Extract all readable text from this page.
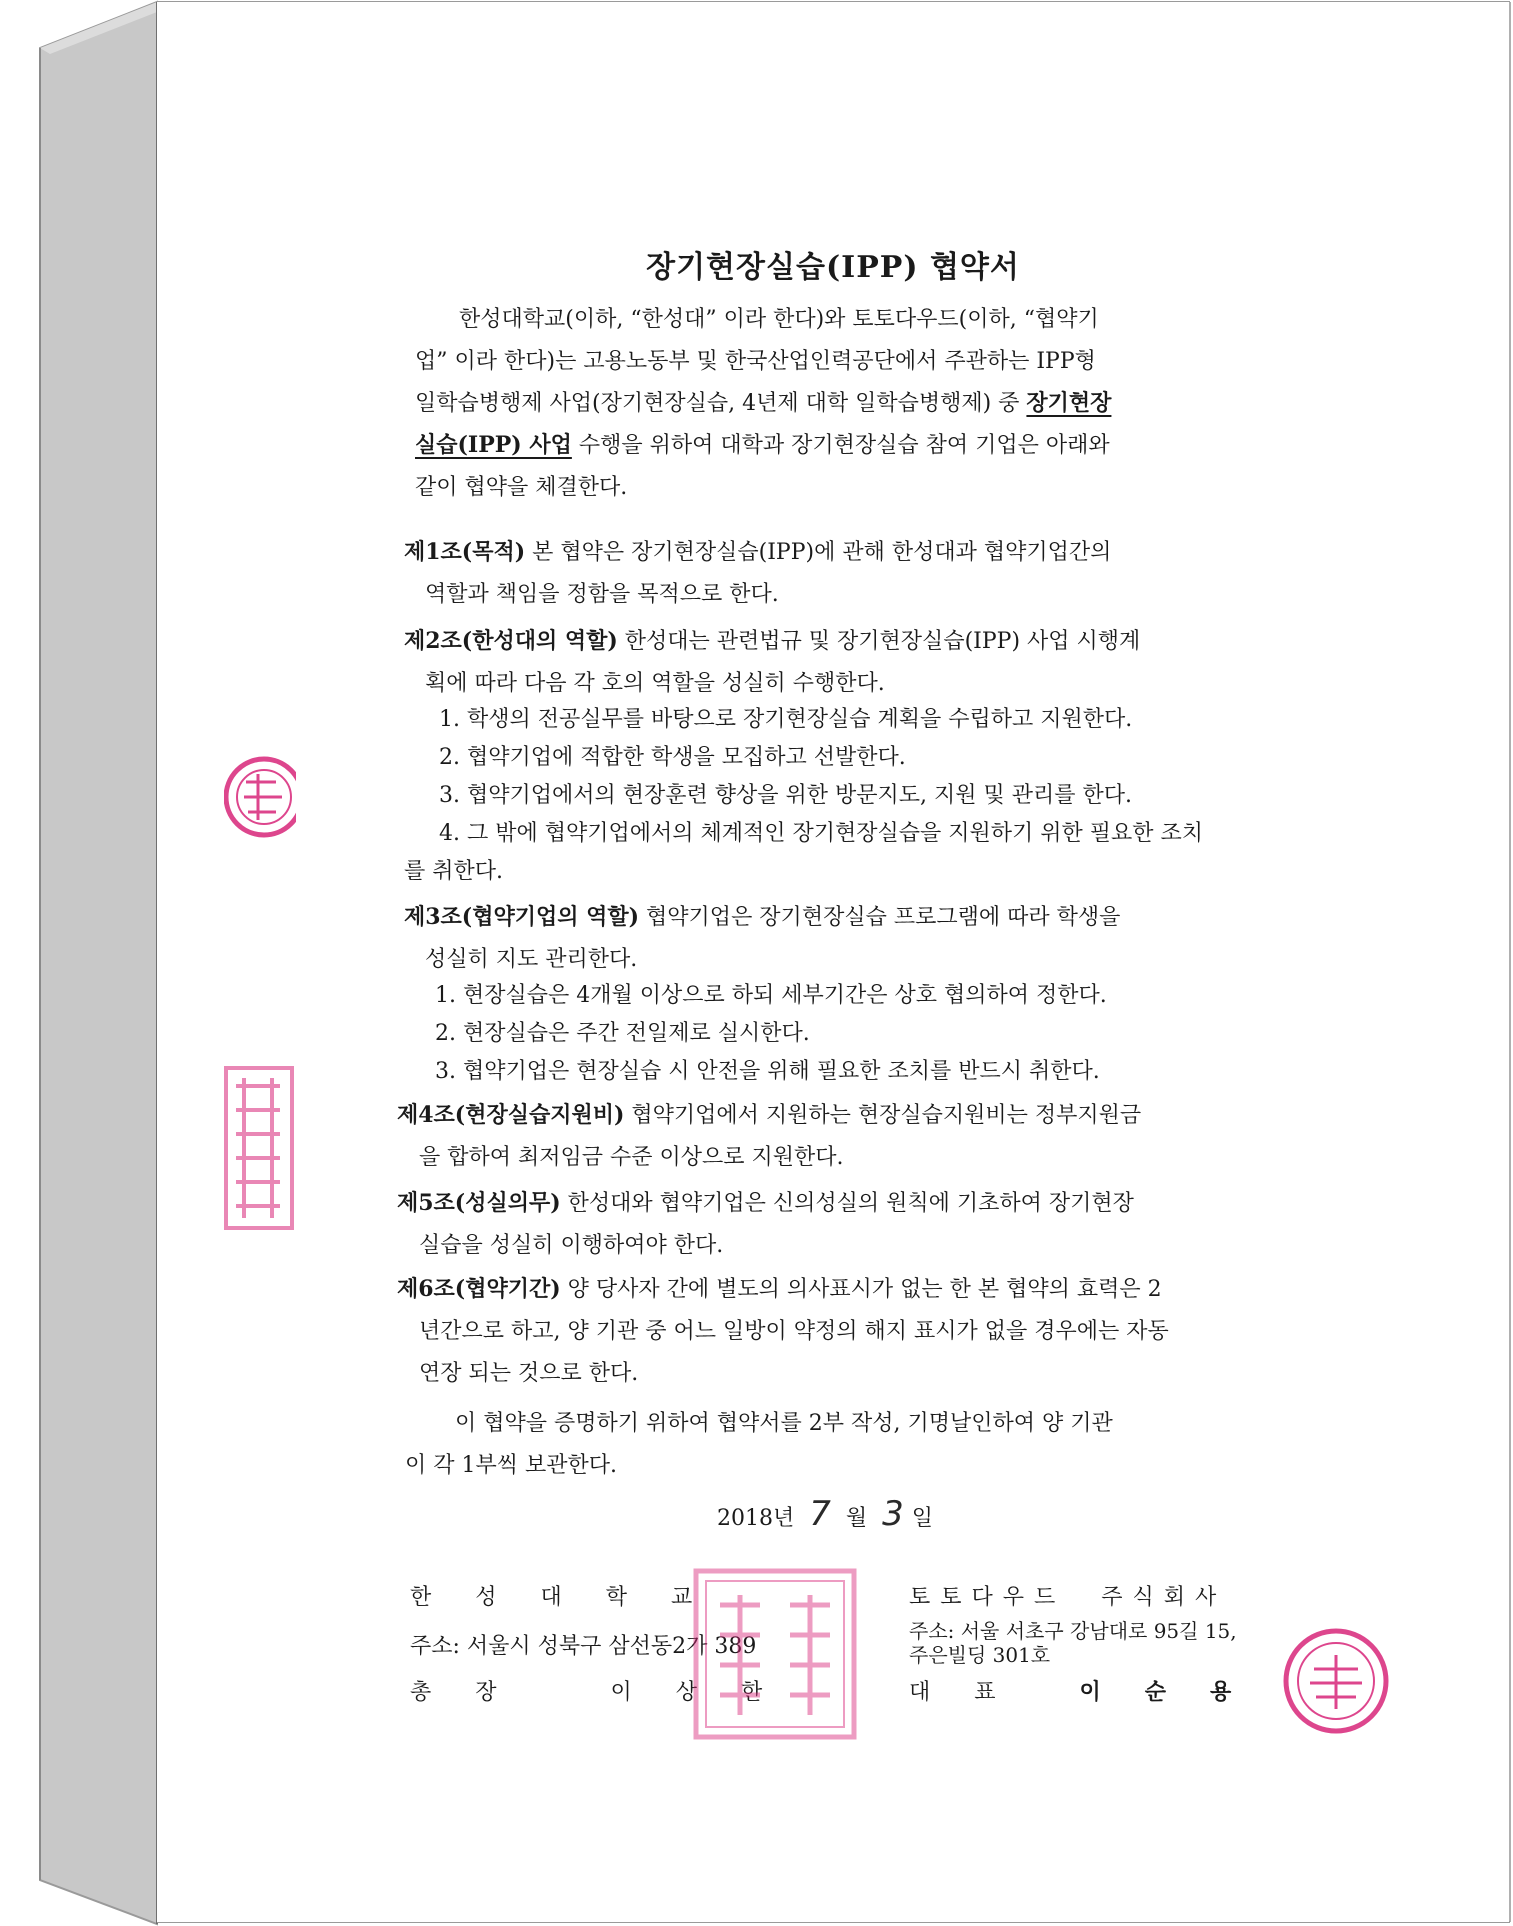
장기현장실습(IPP) 협약서
한성대학교(이하, “한성대” 이라 한다)와 토토다우드(이하, “협약기
업” 이라 한다)는 고용노동부 및 한국산업인력공단에서 주관하는 IPP형
일학습병행제 사업(장기현장실습, 4년제 대학 일학습병행제) 중 장기현장
실습(IPP) 사업 수행을 위하여 대학과 장기현장실습 참여 기업은 아래와
같이 협약을 체결한다.
제1조(목적) 본 협약은 장기현장실습(IPP)에 관해 한성대과 협약기업간의
역할과 책임을 정함을 목적으로 한다.
제2조(한성대의 역할) 한성대는 관련법규 및 장기현장실습(IPP) 사업 시행계
획에 따라 다음 각 호의 역할을 성실히 수행한다.
1. 학생의 전공실무를 바탕으로 장기현장실습 계획을 수립하고 지원한다.
2. 협약기업에 적합한 학생을 모집하고 선발한다.
3. 협약기업에서의 현장훈련 향상을 위한 방문지도, 지원 및 관리를 한다.
4. 그 밖에 협약기업에서의 체계적인 장기현장실습을 지원하기 위한 필요한 조치
를 취한다.
제3조(협약기업의 역할) 협약기업은 장기현장실습 프로그램에 따라 학생을
성실히 지도 관리한다.
1. 현장실습은 4개월 이상으로 하되 세부기간은 상호 협의하여 정한다.
2. 현장실습은 주간 전일제로 실시한다.
3. 협약기업은 현장실습 시 안전을 위해 필요한 조치를 반드시 취한다.
제4조(현장실습지원비) 협약기업에서 지원하는 현장실습지원비는 정부지원금
을 합하여 최저임금 수준 이상으로 지원한다.
제5조(성실의무) 한성대와 협약기업은 신의성실의 원칙에 기초하여 장기현장
실습을 성실히 이행하여야 한다.
제6조(협약기간) 양 당사자 간에 별도의 의사표시가 없는 한 본 협약의 효력은 2
년간으로 하고, 양 기관 중 어느 일방이 약정의 해지 표시가 없을 경우에는 자동
연장 되는 것으로 한다.
이 협약을 증명하기 위하여 협약서를 2부 작성, 기명날인하여 양 기관
이 각 1부씩 보관한다.
2018년 7 월 3 일
한성대학교
주소: 서울시 성북구 삼선동2가 389
총장	이상한
토토다우드 주식회사
주소: 서울 서초구 강남대로 95길 15,
주은빌딩 301호
대표 이순용
